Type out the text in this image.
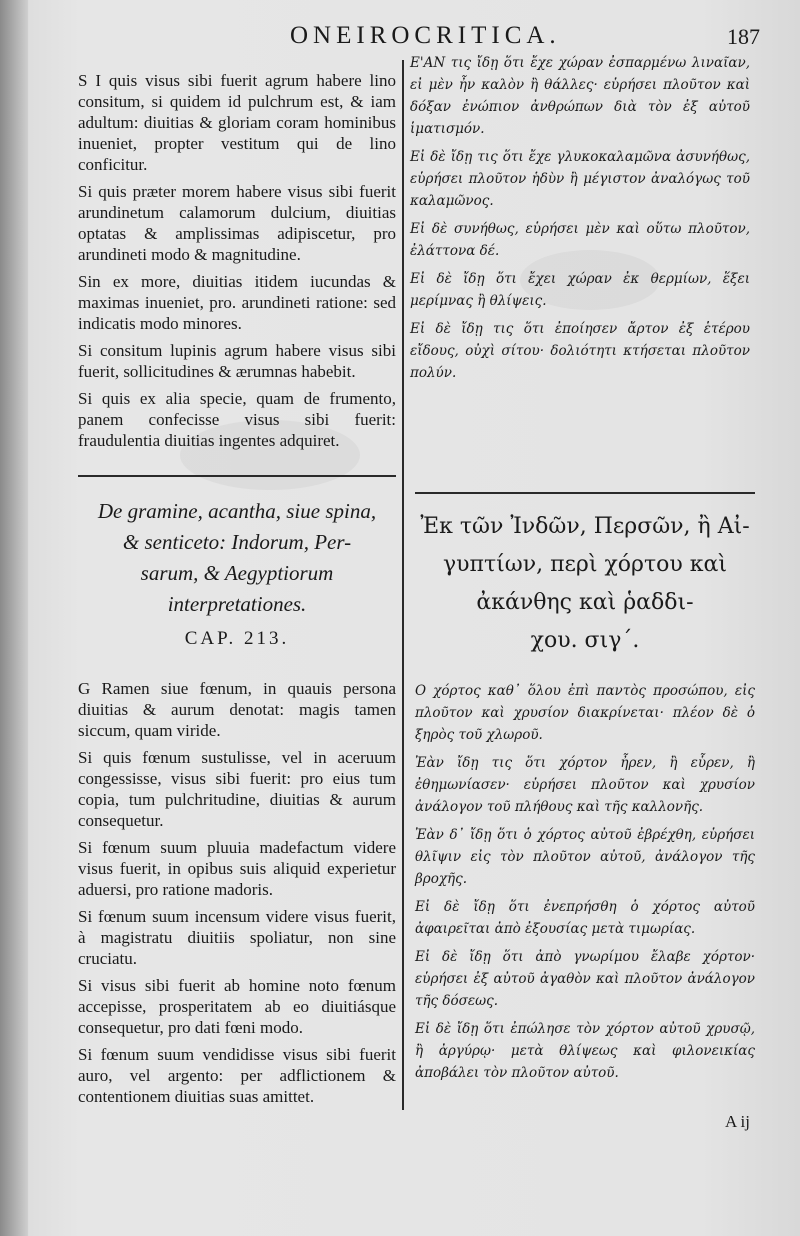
ONEIROCRITICA.	187

S I quis visus sibi fuerit agrum habere lino consitum, si quidem id pulchrum est, & iam adultum: diuitias & gloriam coram hominibus inueniet, propter vestitum qui de lino conficitur.

Si quis præter morem habere visus sibi fuerit arundinetum calamorum dulcium, diuitias optatas & amplissimas adipiscetur, pro arundineti modo & magnitudine.

Sin ex more, diuitias itidem iucundas & maximas inueniet, pro. arundineti ratione: sed indicatis modo minores.

Si consitum lupinis agrum habere visus sibi fuerit, sollicitudines & ærumnas habebit.

Si quis ex alia specie, quam de frumento, panem confecisse visus sibi fuerit: fraudulentia diuitias ingentes adquiret.

De gramine, acantha, siue spina,
& senticeto: Indorum, Per-
sarum, & Aegyptiorum
interpretationes.
CAP. 213.

G Ramen siue fœnum, in quauis persona diuitias & aurum denotat: magis tamen siccum, quam viride.

Si quis fœnum sustulisse, vel in aceruum congessisse, visus sibi fuerit: pro eius tum copia, tum pulchritudine, diuitias & aurum consequetur.

Si fœnum suum pluuia madefactum videre visus fuerit, in opibus suis aliquid experietur aduersi, pro ratione madoris.

Si fœnum suum incensum videre visus fuerit, à magistratu diuitiis spoliatur, non sine cruciatu.

Si visus sibi fuerit ab homine noto fœnum accepisse, prosperitatem ab eo diuitiásque consequetur, pro dati fœni modo.

Si fœnum suum vendidisse visus sibi fuerit auro, vel argento: per adflictionem & contentionem diuitias suas amittet.

Ε'ΑΝ τις ἴδῃ ὅτι ἔχε χώραν ἐσπαρμένω λιναῖαν, εἰ μὲν ἦν καλὸν ἢ θάλλες· εὑρήσει πλοῦτον καὶ δόξαν ἐνώπιον ἀνθρώπων διὰ τὸν ἐξ αὐτοῦ ἱματισμόν.

Εἰ δὲ ἴδῃ τις ὅτι ἔχε γλυκοκαλαμῶνα ἀσυνήθως, εὑρήσει πλοῦτον ἡδὺν ἢ μέγιστον ἀναλόγως τοῦ καλαμῶνος.

Εἰ δὲ συνήθως, εὑρήσει μὲν καὶ οὕτω πλοῦτον, ἐλάττονα δέ.

Εἰ δὲ ἴδῃ ὅτι ἔχει χώραν ἐκ θερμίων, ἕξει μερίμνας ἢ θλίψεις.

Εἰ δὲ ἴδῃ τις ὅτι ἐποίησεν ἄρτον ἐξ ἑτέρου εἴδους, οὐχὶ σίτου· δολιότητι κτήσεται πλοῦτον πολύν.

Ἐκ τῶν Ἰνδῶν, Περσῶν, ἢ Αἰ-
γυπτίων, περὶ χόρτου καὶ
ἀκάνθης καὶ ῥαδδι-
χου. σιγ΄.

Ο χόρτος καθ᾽ ὅλου ἐπὶ παντὸς προσώπου, εἰς πλοῦτον καὶ χρυσίον διακρίνεται· πλέον δὲ ὁ ξηρὸς τοῦ χλωροῦ.

Ἐὰν ἴδῃ τις ὅτι χόρτον ἦρεν, ἢ εὗρεν, ἢ ἐθημωνίασεν· εὑρήσει πλοῦτον καὶ χρυσίον ἀνάλογον τοῦ πλήθους καὶ τῆς καλλονῆς.

Ἐὰν δ᾽ ἴδῃ ὅτι ὁ χόρτος αὐτοῦ ἐβρέχθη, εὑρήσει θλῖψιν εἰς τὸν πλοῦτον αὐτοῦ, ἀνάλογον τῆς βροχῆς.

Εἰ δὲ ἴδῃ ὅτι ἐνεπρήσθη ὁ χόρτος αὐτοῦ ἀφαιρεῖται ἀπὸ ἐξουσίας μετὰ τιμωρίας.

Εἰ δὲ ἴδῃ ὅτι ἀπὸ γνωρίμου ἔλαβε χόρτον· εὑρήσει ἐξ αὐτοῦ ἀγαθὸν καὶ πλοῦτον ἀνάλογον τῆς δόσεως.

Εἰ δὲ ἴδῃ ὅτι ἐπώλησε τὸν χόρτον αὐτοῦ χρυσῷ, ἢ ἀργύρῳ· μετὰ θλίψεως καὶ φιλονεικίας ἀποβάλει τὸν πλοῦτον αὐτοῦ.

A ij
